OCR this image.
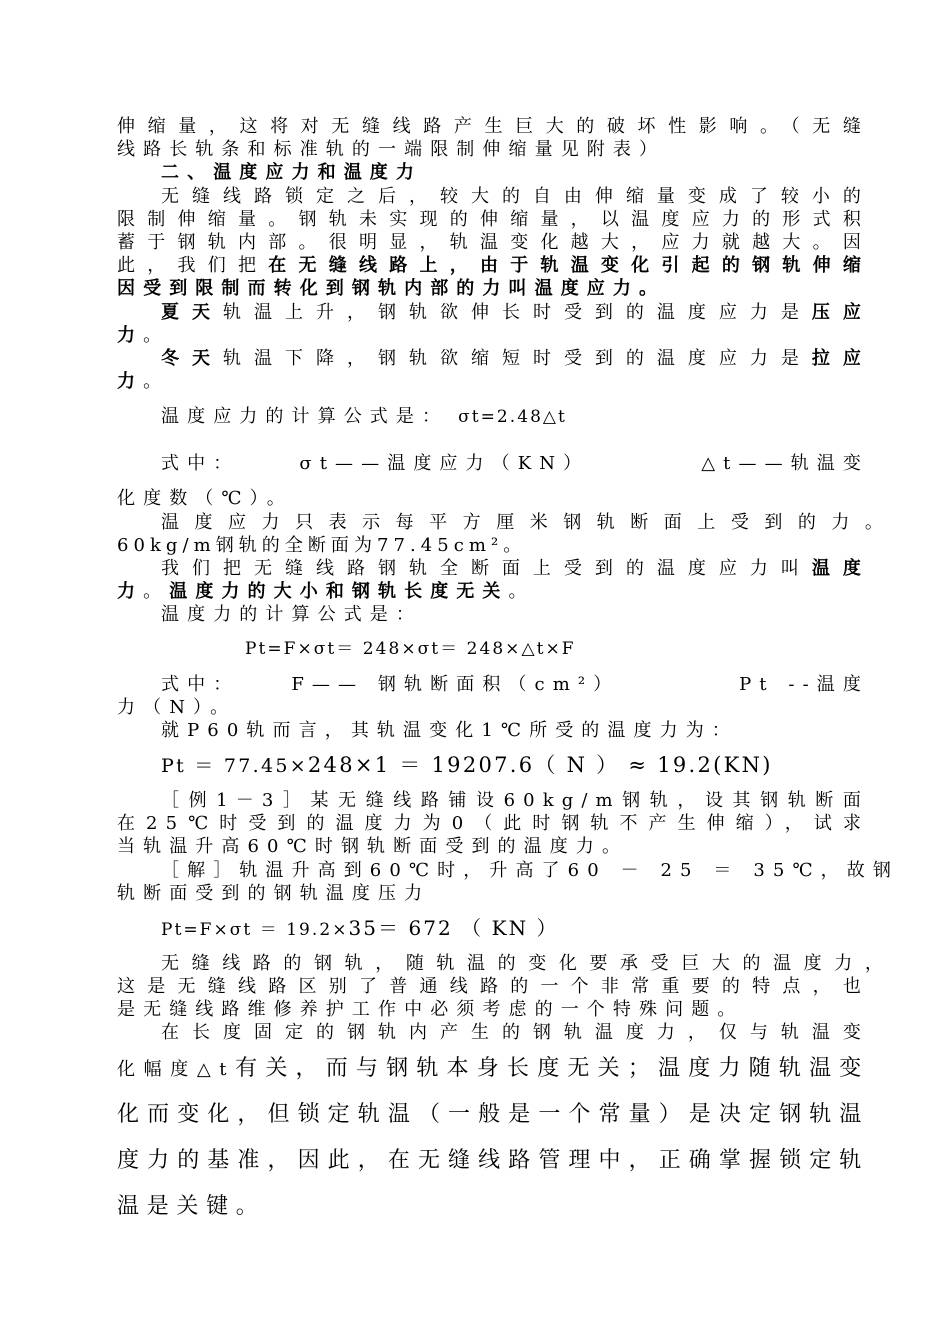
伸缩量，这将对无缝线路产生巨大的破坏性影响。（无缝
线路长轨条和标准轨的一端限制伸缩量见附表）
二、温度应力和温度力
无缝线路锁定之后，较大的自由伸缩量变成了较小的
限制伸缩量。钢轨未实现的伸缩量，以温度应力的形式积
蓄于钢轨内部。很明显，轨温变化越大，应力就越大。因
此，我们把在无缝线路上，由于轨温变化引起的钢轨伸缩
因受到限制而转化到钢轨内部的力叫温度应力。
夏天轨温上升，钢轨欲伸长时受到的温度应力是压应
力。
冬天轨温下降，钢轨欲缩短时受到的温度应力是拉应
力。
温度应力的计算公式是： σt=2.48△t
式中：	σt——温度应力（KN）	△t——轨温变
化度数（℃）。
温度应力只表示每平方厘米钢轨断面上受到的力。
60kg/m钢轨的全断面为77.45cm²。
我们把无缝线路钢轨全断面上受到的温度应力叫温度
力。温度力的大小和钢轨长度无关。
温度力的计算公式是：
Pt=F×σt＝ 248×σt＝ 248×△t×F
式中：	F—— 钢轨断面积（cm²）	Pt --温度
力（N）。
就P60轨而言，其轨温变化1℃所受的温度力为：
Pt ＝ 77.45×248×1 ＝ 19207.6（ N ） ≈ 19.2(KN)
［例1－3］某无缝线路铺设60kg/m钢轨，设其钢轨断面
在25℃时受到的温度力为0（此时钢轨不产生伸缩），试求
当轨温升高60℃时钢轨断面受到的温度力。
［解］轨温升高到60℃时，升高了60 － 25 ＝ 35℃，故钢
轨断面受到的钢轨温度压力
Pt=F×σt ＝ 19.2×35＝ 672 （ KN ）
无缝线路的钢轨，随轨温的变化要承受巨大的温度力，
这是无缝线路区别了普通线路的一个非常重要的特点，也
是无缝线路维修养护工作中必须考虑的一个特殊问题。
在长度固定的钢轨内产生的钢轨温度力，仅与轨温变
化幅度△t有关，而与钢轨本身长度无关；温度力随轨温变
化而变化，但锁定轨温（一般是一个常量）是决定钢轨温
度力的基准，因此，在无缝线路管理中，正确掌握锁定轨
温是关键。
